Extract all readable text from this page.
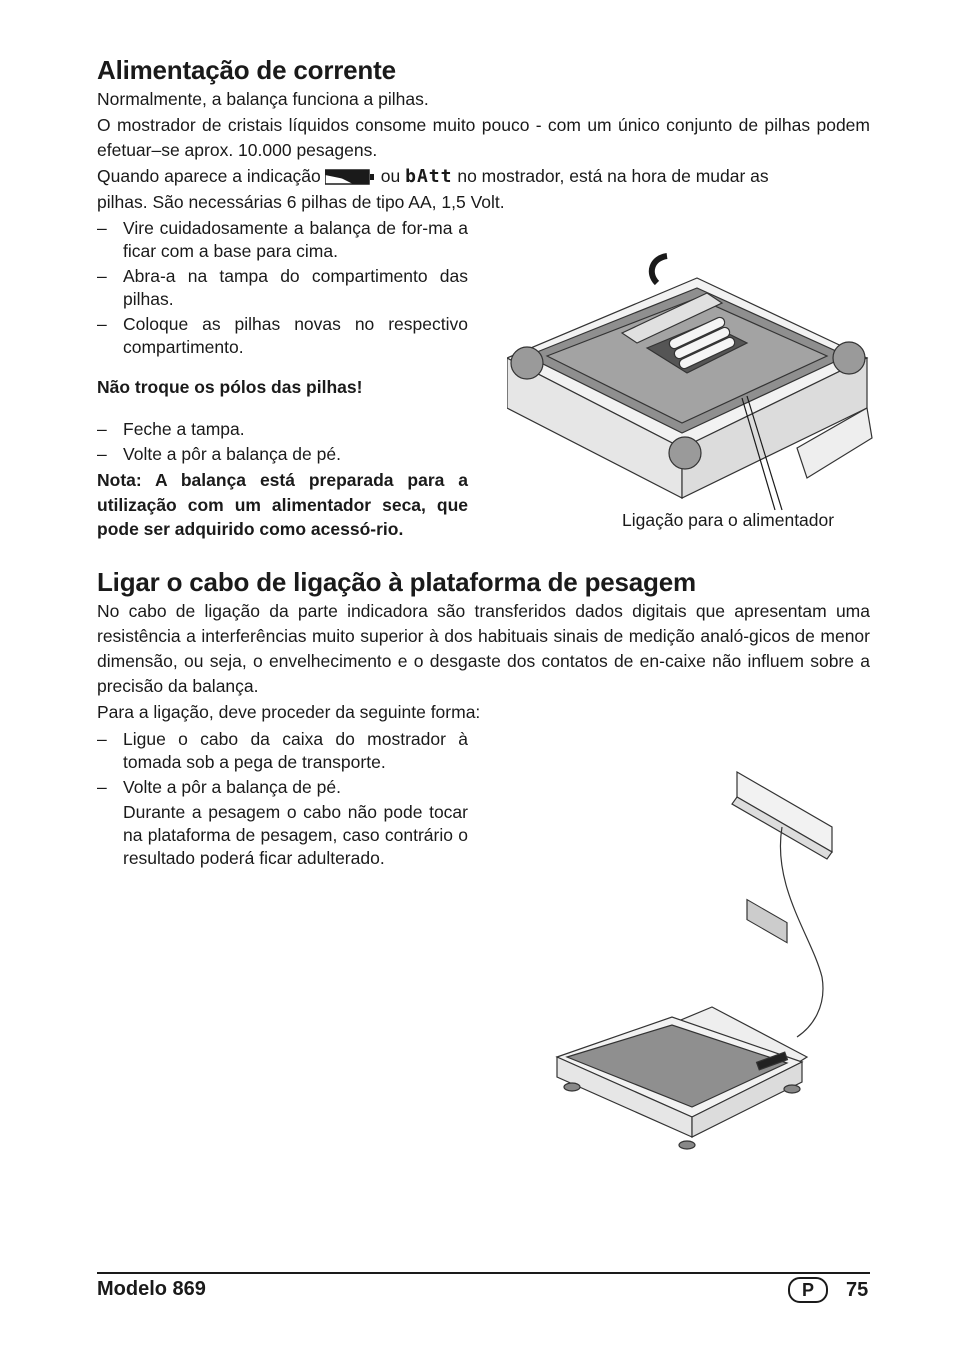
Alimentação de corrente

Normalmente, a balança funciona a pilhas.

O mostrador de cristais líquidos consome muito pouco - com um único conjunto de pilhas podem efetuar–se aprox. 10.000 pesagens.

Quando aparece a indicação	ou bAtt no mostrador, está na hora de mudar as

pilhas. São necessárias 6 pilhas de tipo AA, 1,5 Volt.

– Vire cuidadosamente a balança de for-ma a ficar com a base para cima.
– Abra-a na tampa do compartimento das pilhas.
– Coloque as pilhas novas no respectivo compartimento.

Não troque os pólos das pilhas!

– Feche a tampa.
– Volte a pôr a balança de pé.

Nota: A balança está preparada para a utilização com um alimentador seca, que pode ser adquirido como acessó-rio.	Ligação para o alimentador
Ligar o cabo de ligação à plataforma de pesagem

No cabo de ligação da parte indicadora são transferidos dados digitais que apresentam uma resistência a interferências muito superior à dos habituais sinais de medição analó-gicos de menor dimensão, ou seja, o envelhecimento e o desgaste dos contatos de en-caixe não influem sobre a precisão da balança.

Para a ligação, deve proceder da seguinte forma:

– Ligue o cabo da caixa do mostrador à tomada sob a pega de transporte.
– Volte a pôr a balança de pé.

Durante a pesagem o cabo não pode tocar na plataforma de pesagem, caso contrário o resultado poderá ficar adulterado.

Modelo 869	P	75
